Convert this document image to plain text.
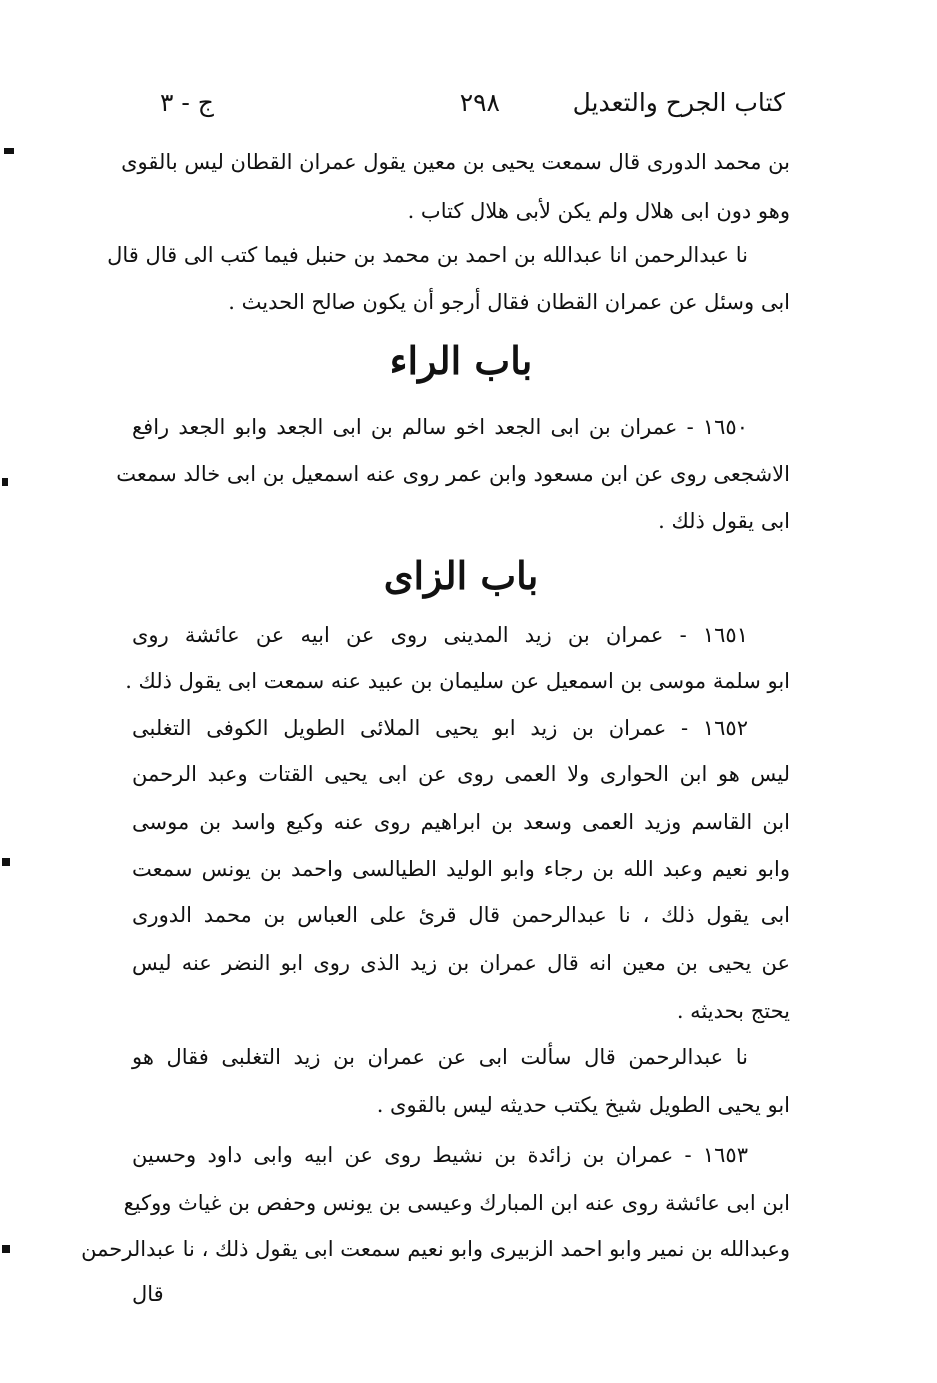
كتاب الجرح والتعديل
٢٩٨
ج - ٣
بن محمد الدورى قال سمعت يحيى بن معين يقول عمران القطان ليس بالقوى
وهو دون ابى هلال ولم يكن لأبى هلال كتاب .
نا عبدالرحمن انا عبدالله بن احمد بن محمد بن حنبل فيما كتب الى قال قال
ابى وسئل عن عمران القطان فقال أرجو أن يكون صالح الحديث .
باب الراء
١٦٥٠ - عمران بن ابى الجعد اخو سالم بن ابى الجعد وابو الجعد رافع
الاشجعى روى عن ابن مسعود وابن عمر روى عنه اسمعيل بن ابى خالد سمعت
ابى يقول ذلك .
باب الزاى
١٦٥١ - عمران بن زيد المدينى روى عن ابيه عن عائشة روى
ابو سلمة موسى بن اسمعيل عن سليمان بن عبيد عنه سمعت ابى يقول ذلك .
١٦٥٢ - عمران بن زيد ابو يحيى الملائى الطويل الكوفى التغلبى
ليس هو ابن الحوارى ولا العمى روى عن ابى يحيى القتات وعبد الرحمن
ابن القاسم وزيد العمى وسعد بن ابراهيم روى عنه وكيع واسد بن موسى
وابو نعيم وعبد الله بن رجاء وابو الوليد الطيالسى واحمد بن يونس سمعت
ابى يقول ذلك ، نا عبدالرحمن قال قرئ على العباس بن محمد الدورى
عن يحيى بن معين انه قال عمران بن زيد الذى روى ابو النضر عنه ليس
يحتج بحديثه .
نا عبدالرحمن قال سألت ابى عن عمران بن زيد التغلبى فقال هو
ابو يحيى الطويل شيخ يكتب حديثه ليس بالقوى .
١٦٥٣ - عمران بن زائدة بن نشيط روى عن ابيه وابى داود وحسين
ابن ابى عائشة روى عنه ابن المبارك وعيسى بن يونس وحفص بن غياث ووكيع
وعبدالله بن نمير وابو احمد الزبيرى وابو نعيم سمعت ابى يقول ذلك ، نا عبدالرحمن
قال
